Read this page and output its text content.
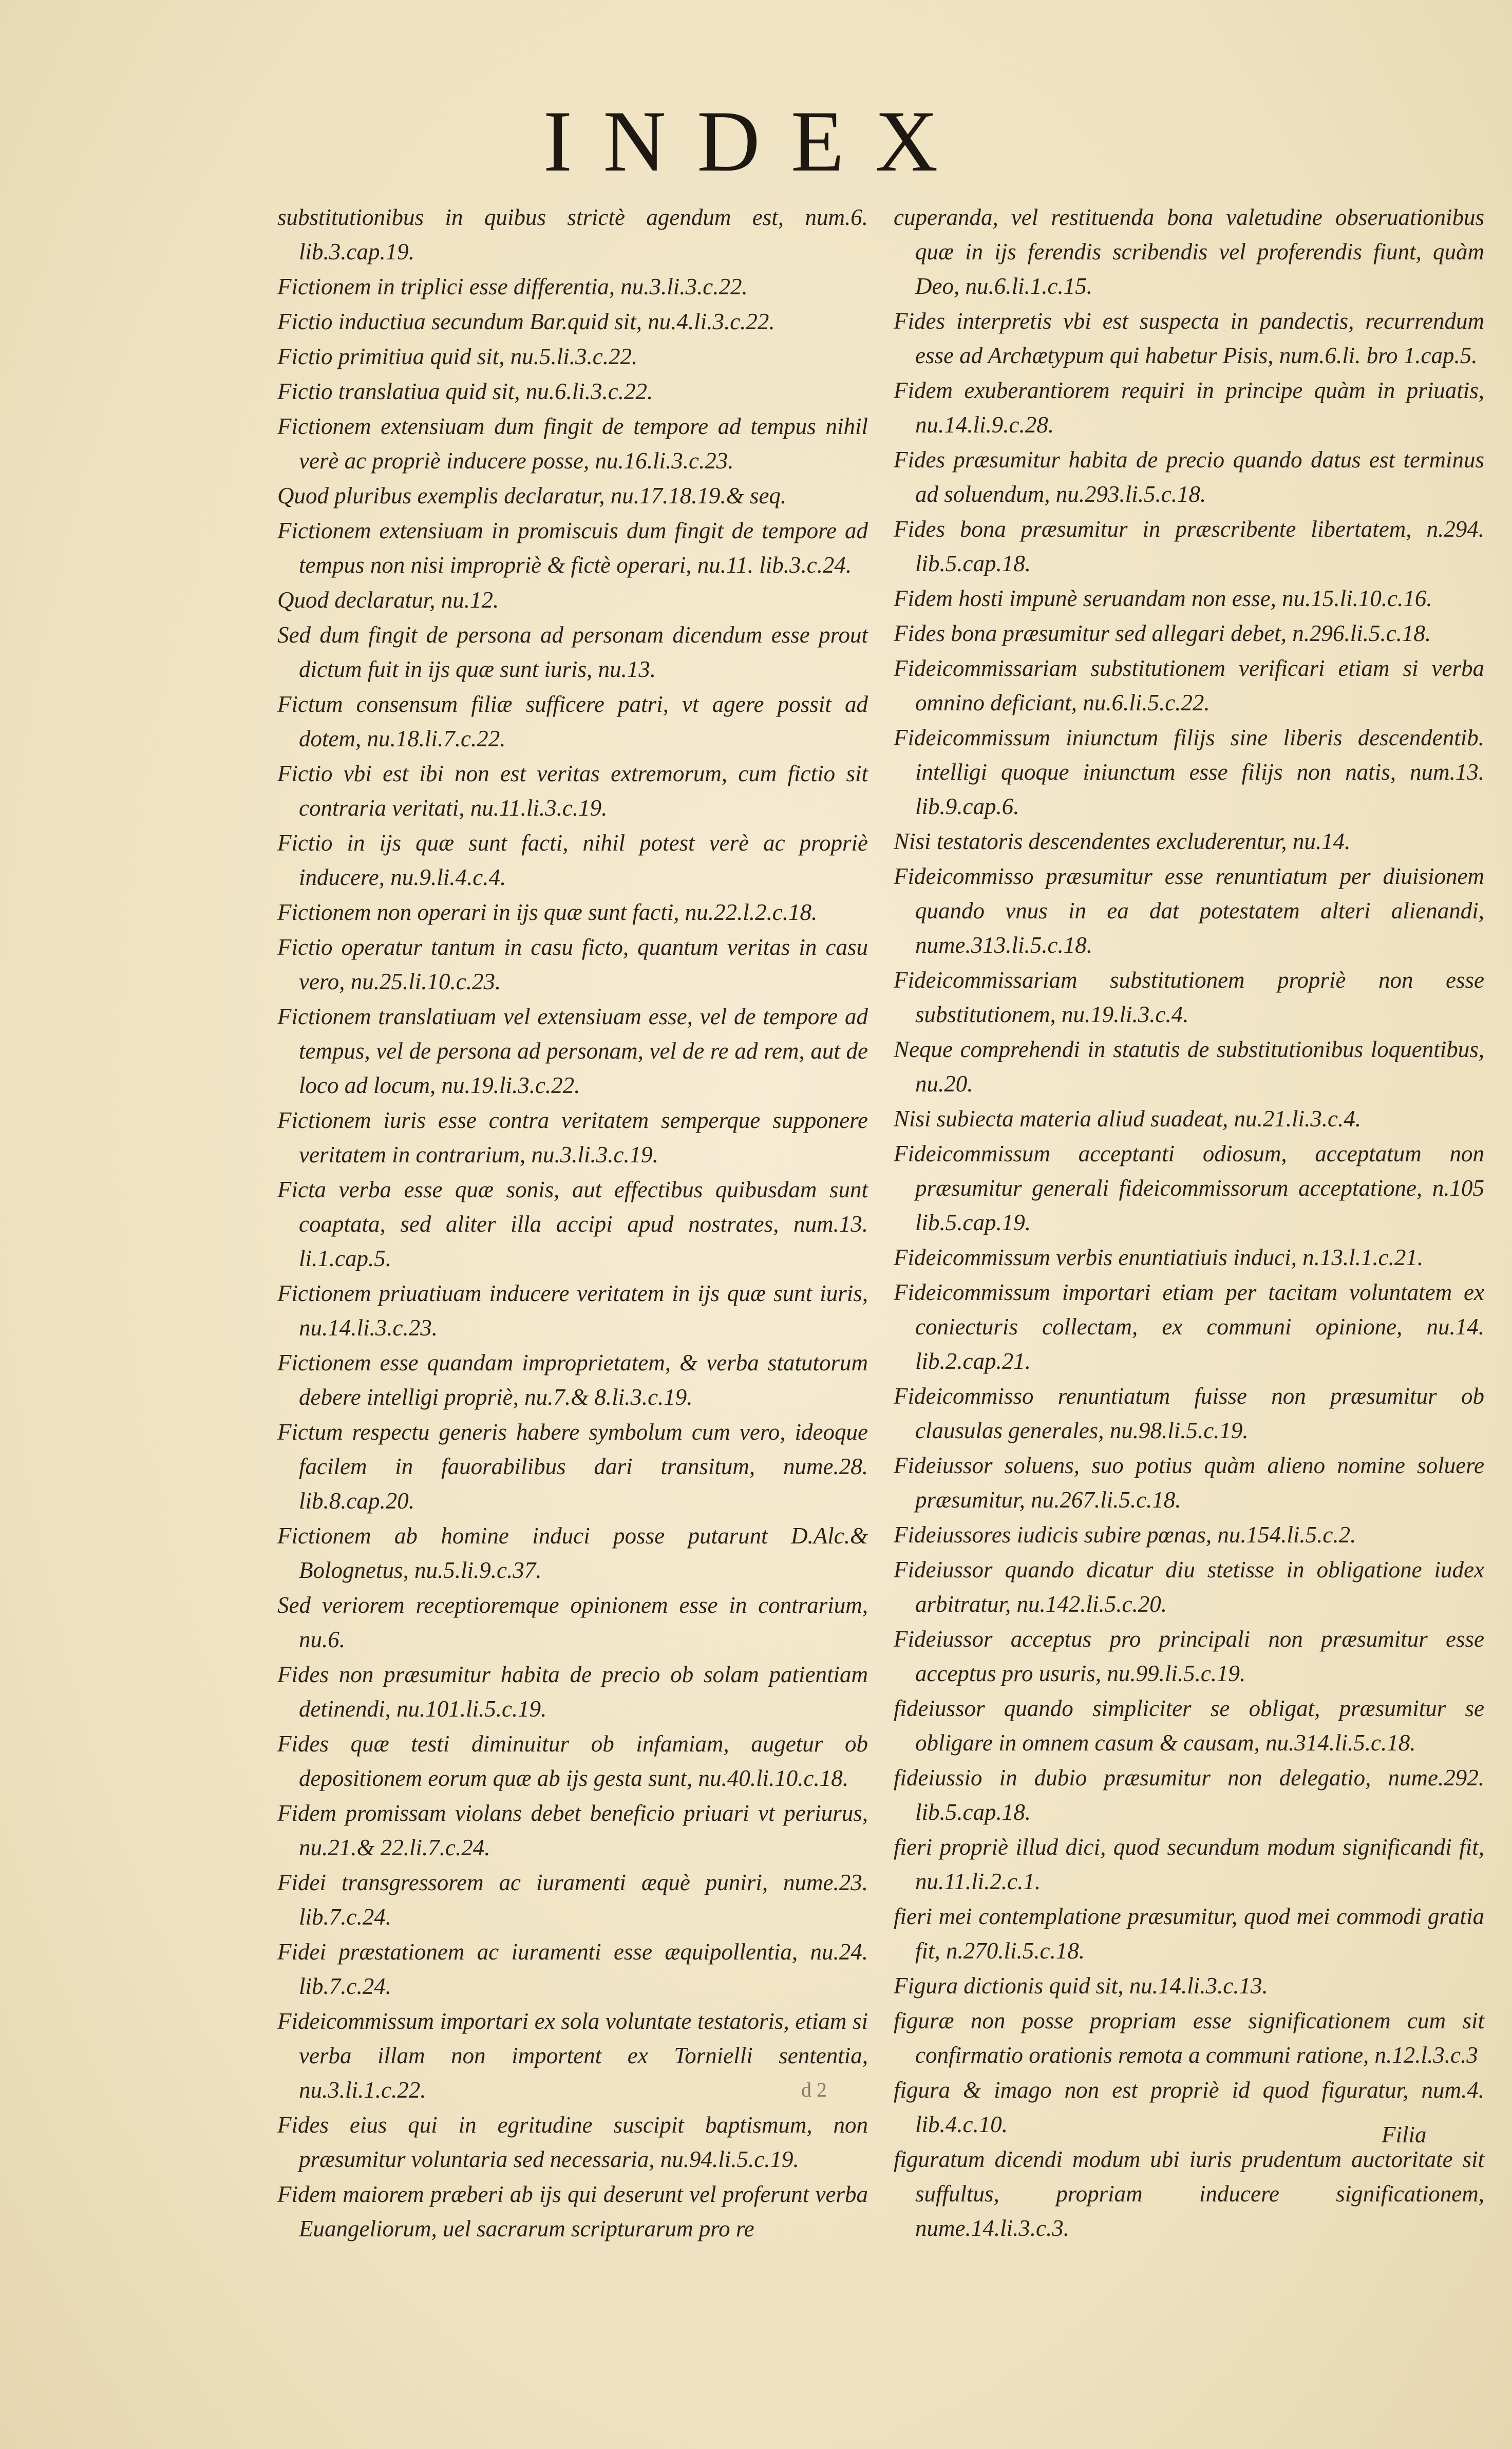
INDEX

substitutionibus in quibus strictè agendum est, num.6. lib.3.cap.19.

Fictionem in triplici esse differentia, nu.3.li.3.c.22.

Fictio inductiua secundum Bar.quid sit, nu.4.li.3.c.22.

Fictio primitiua quid sit, nu.5.li.3.c.22.

Fictio translatiua quid sit, nu.6.li.3.c.22.

Fictionem extensiuam dum fingit de tempore ad tempus nihil verè ac propriè inducere posse, nu.16.li.3.c.23.

Quod pluribus exemplis declaratur, nu.17.18.19.& seq.

Fictionem extensiuam in promiscuis dum fingit de tempore ad tempus non nisi impropriè & fictè operari, nu.11. lib.3.c.24.

Quod declaratur, nu.12.

Sed dum fingit de persona ad personam dicendum esse prout dictum fuit in ijs quæ sunt iuris, nu.13.

Fictum consensum filiæ sufficere patri, vt agere possit ad dotem, nu.18.li.7.c.22.

Fictio vbi est ibi non est veritas extremorum, cum fictio sit contraria veritati, nu.11.li.3.c.19.

Fictio in ijs quæ sunt facti, nihil potest verè ac propriè inducere, nu.9.li.4.c.4.

Fictionem non operari in ijs quæ sunt facti, nu.22.l.2.c.18.

Fictio operatur tantum in casu ficto, quantum veritas in casu vero, nu.25.li.10.c.23.

Fictionem translatiuam vel extensiuam esse, vel de tempore ad tempus, vel de persona ad personam, vel de re ad rem, aut de loco ad locum, nu.19.li.3.c.22.

Fictionem iuris esse contra veritatem semperque supponere veritatem in contrarium, nu.3.li.3.c.19.

Ficta verba esse quæ sonis, aut effectibus quibusdam sunt coaptata, sed aliter illa accipi apud nostrates, num.13. li.1.cap.5.

Fictionem priuatiuam inducere veritatem in ijs quæ sunt iuris, nu.14.li.3.c.23.

Fictionem esse quandam improprietatem, & verba statutorum debere intelligi propriè, nu.7.& 8.li.3.c.19.

Fictum respectu generis habere symbolum cum vero, ideoque facilem in fauorabilibus dari transitum, nume.28. lib.8.cap.20.

Fictionem ab homine induci posse putarunt D.Alc.& Bolognetus, nu.5.li.9.c.37.

Sed veriorem receptioremque opinionem esse in contrarium, nu.6.

Fides non præsumitur habita de precio ob solam patientiam detinendi, nu.101.li.5.c.19.

Fides quæ testi diminuitur ob infamiam, augetur ob depositionem eorum quæ ab ijs gesta sunt, nu.40.li.10.c.18.

Fidem promissam violans debet beneficio priuari vt periurus, nu.21.& 22.li.7.c.24.

Fidei transgressorem ac iuramenti æquè puniri, nume.23. lib.7.c.24.

Fidei præstationem ac iuramenti esse æquipollentia, nu.24. lib.7.c.24.

Fideicommissum importari ex sola voluntate testatoris, etiam si verba illam non importent ex Tornielli sententia, nu.3.li.1.c.22.

Fides eius qui in egritudine suscipit baptismum, non præsumitur voluntaria sed necessaria, nu.94.li.5.c.19.

Fidem maiorem præberi ab ijs qui deserunt vel proferunt verba Euangeliorum, uel sacrarum scripturarum pro re

cuperanda, vel restituenda bona valetudine obseruationibus quæ in ijs ferendis scribendis vel proferendis fiunt, quàm Deo, nu.6.li.1.c.15.

Fides interpretis vbi est suspecta in pandectis, recurrendum esse ad Archætypum qui habetur Pisis, num.6.li. bro 1.cap.5.

Fidem exuberantiorem requiri in principe quàm in priuatis, nu.14.li.9.c.28.

Fides præsumitur habita de precio quando datus est terminus ad soluendum, nu.293.li.5.c.18.

Fides bona præsumitur in præscribente libertatem, n.294. lib.5.cap.18.

Fidem hosti impunè seruandam non esse, nu.15.li.10.c.16.

Fides bona præsumitur sed allegari debet, n.296.li.5.c.18.

Fideicommissariam substitutionem verificari etiam si verba omnino deficiant, nu.6.li.5.c.22.

Fideicommissum iniunctum filijs sine liberis descendentib. intelligi quoque iniunctum esse filijs non natis, num.13. lib.9.cap.6.

Nisi testatoris descendentes excluderentur, nu.14.

Fideicommisso præsumitur esse renuntiatum per diuisionem quando vnus in ea dat potestatem alteri alienandi, nume.313.li.5.c.18.

Fideicommissariam substitutionem propriè non esse substitutionem, nu.19.li.3.c.4.

Neque comprehendi in statutis de substitutionibus loquentibus, nu.20.

Nisi subiecta materia aliud suadeat, nu.21.li.3.c.4.

Fideicommissum acceptanti odiosum, acceptatum non præsumitur generali fideicommissorum acceptatione, n.105 lib.5.cap.19.

Fideicommissum verbis enuntiatiuis induci, n.13.l.1.c.21.

Fideicommissum importari etiam per tacitam voluntatem ex coniecturis collectam, ex communi opinione, nu.14. lib.2.cap.21.

Fideicommisso renuntiatum fuisse non præsumitur ob clausulas generales, nu.98.li.5.c.19.

Fideiussor soluens, suo potius quàm alieno nomine soluere præsumitur, nu.267.li.5.c.18.

Fideiussores iudicis subire pœnas, nu.154.li.5.c.2.

Fideiussor quando dicatur diu stetisse in obligatione iudex arbitratur, nu.142.li.5.c.20.

Fideiussor acceptus pro principali non præsumitur esse acceptus pro usuris, nu.99.li.5.c.19.

fideiussor quando simpliciter se obligat, præsumitur se obligare in omnem casum & causam, nu.314.li.5.c.18.

fideiussio in dubio præsumitur non delegatio, nume.292. lib.5.cap.18.

fieri propriè illud dici, quod secundum modum significandi fit, nu.11.li.2.c.1.

fieri mei contemplatione præsumitur, quod mei commodi gratia fit, n.270.li.5.c.18.

Figura dictionis quid sit, nu.14.li.3.c.13.

figuræ non posse propriam esse significationem cum sit confirmatio orationis remota a communi ratione, n.12.l.3.c.3

figura & imago non est propriè id quod figuratur, num.4. lib.4.c.10.

figuratum dicendi modum ubi iuris prudentum auctoritate sit suffultus, propriam inducere significationem, nume.14.li.3.c.3.

d 2
Filia
